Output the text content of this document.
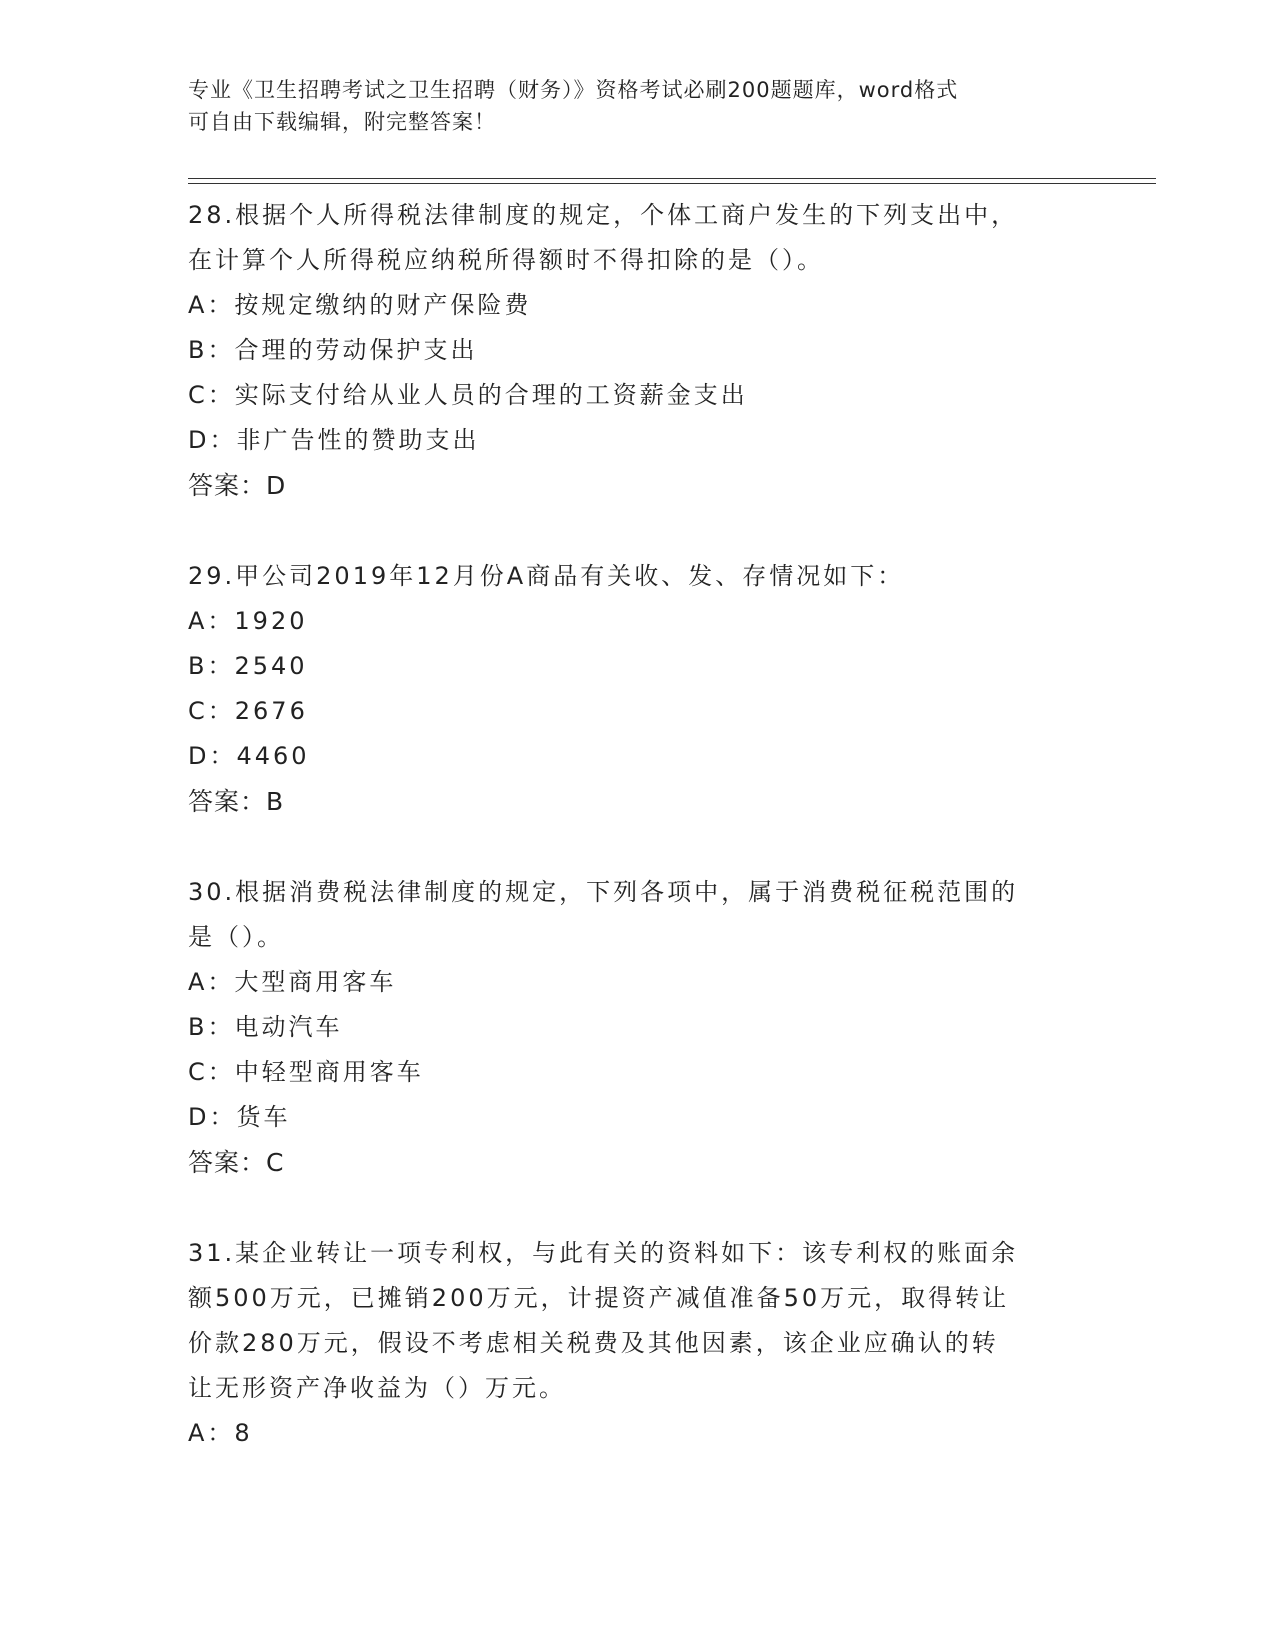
专业《卫生招聘考试之卫生招聘（财务）》资格考试必刷200题题库，word格式
可自由下载编辑，附完整答案！
28.根据个人所得税法律制度的规定，个体工商户发生的下列支出中，
在计算个人所得税应纳税所得额时不得扣除的是（）。
A：按规定缴纳的财产保险费
B：合理的劳动保护支出
C：实际支付给从业人员的合理的工资薪金支出
D：非广告性的赞助支出
答案：D
29.甲公司2019年12月份A商品有关收、发、存情况如下：
A：1920
B：2540
C：2676
D：4460
答案：B
30.根据消费税法律制度的规定，下列各项中，属于消费税征税范围的
是（）。
A：大型商用客车
B：电动汽车
C：中轻型商用客车
D：货车
答案：C
31.某企业转让一项专利权，与此有关的资料如下：该专利权的账面余
额500万元，已摊销200万元，计提资产减值准备50万元，取得转让
价款280万元，假设不考虑相关税费及其他因素，该企业应确认的转
让无形资产净收益为（）万元。
A：8
